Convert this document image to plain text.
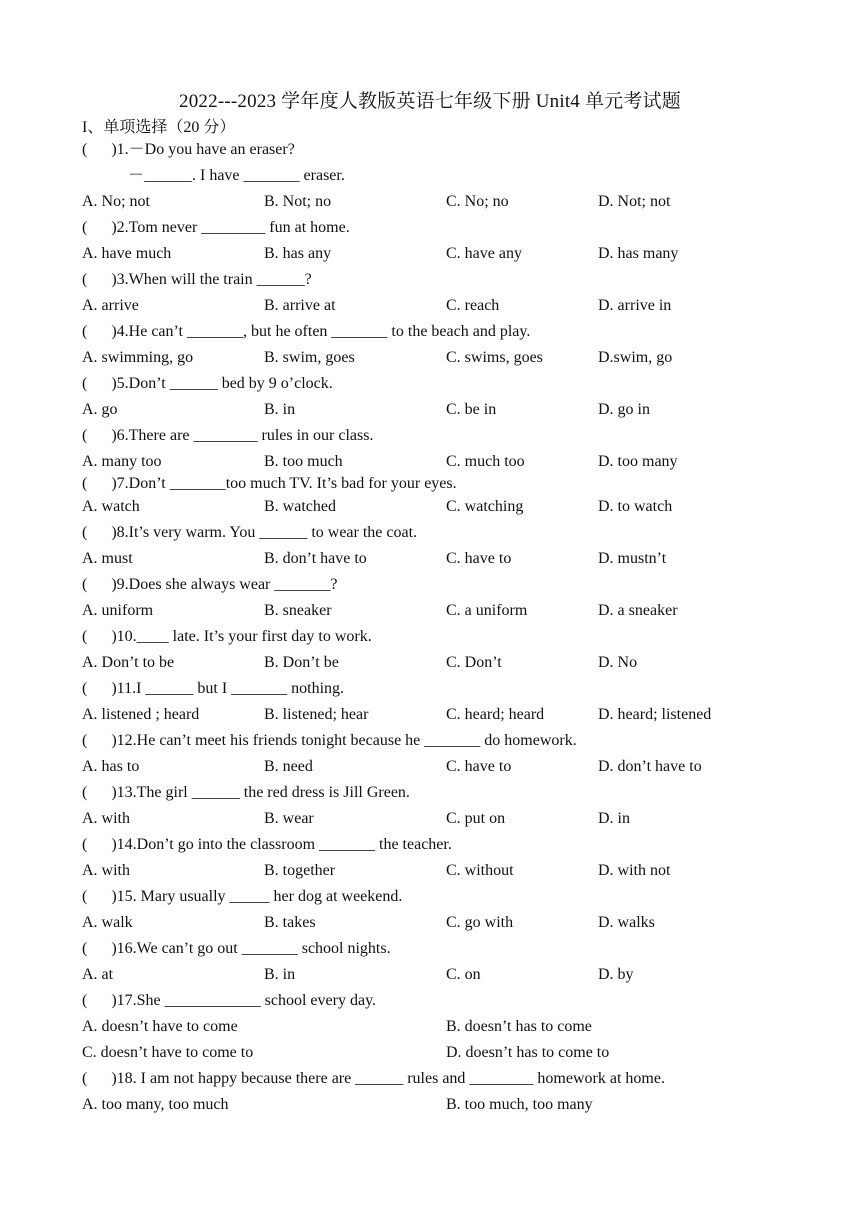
2022---2023 学年度人教版英语七年级下册 Unit4 单元考试题
I、单项选择（20 分）
(      )1.－Do you have an eraser?
－______. I have _______ eraser.
A. No; not	B. Not; no	C. No; no	D. Not; not
(      )2.Tom never ________ fun at home.
A. have much	B. has any	C. have any	D. has many
(      )3.When will the train ______?
A. arrive	B. arrive at	C. reach	D. arrive in
(      )4.He can’t _______, but he often _______ to the beach and play.
A. swimming, go	B. swim, goes	C. swims, goes	D.swim, go
(      )5.Don’t ______ bed by 9 o’clock.
A. go	B. in	C. be in	D. go in
(      )6.There are ________ rules in our class.
A. many too	B. too much	C. much too	D. too many
(      )7.Don’t _______too much TV. It’s bad for your eyes.
A. watch	B. watched	C. watching	D. to watch
(      )8.It’s very warm. You ______ to wear the coat.
A. must	B. don’t have to	C. have to	D. mustn’t
(      )9.Does she always wear _______?
A. uniform	B. sneaker	C. a uniform	D. a sneaker
(      )10.____ late. It’s your first day to work.
A. Don’t to be	B. Don’t be	C. Don’t	D. No
(      )11.I ______ but I _______ nothing.
A. listened ; heard	B. listened; hear	C. heard; heard	D. heard; listened
(      )12.He can’t meet his friends tonight because he _______ do homework.
A. has to	B. need	C. have to	D. don’t have to
(      )13.The girl ______ the red dress is Jill Green.
A. with	B. wear	C. put on	D. in
(      )14.Don’t go into the classroom _______ the teacher.
A. with	B. together	C. without	D. with not
(      )15. Mary usually _____ her dog at weekend.
A. walk	B. takes	C. go with	D. walks
(      )16.We can’t go out _______ school nights.
A. at	B. in	C. on	D. by
(      )17.She ____________ school every day.
A. doesn’t have to come	B. doesn’t has to come
C. doesn’t have to come to	D. doesn’t has to come to
(      )18. I am not happy because there are ______ rules and ________ homework at home.
A. too many, too much	B. too much, too many
